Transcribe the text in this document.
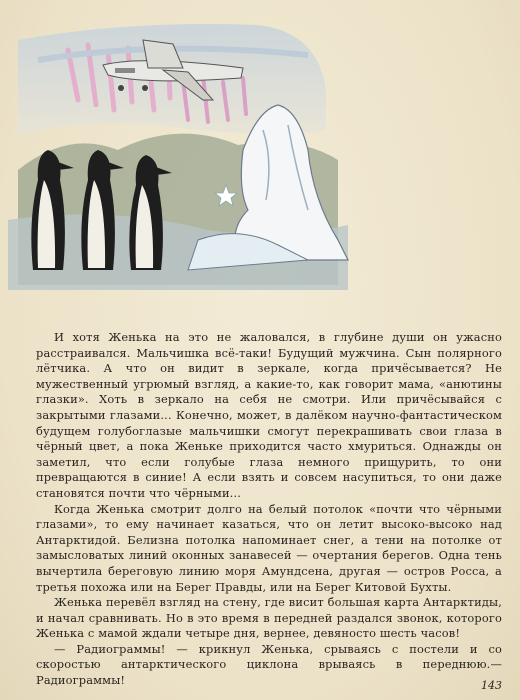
И хотя Женька на это не жаловался, в глубине души он ужасно расстраивался. Мальчишка всё-таки! Будущий мужчина. Сын полярного лётчика. А что он видит в зеркале, когда причёсывается? Не мужественный угрюмый взгляд, а какие-то, как говорит мама, «анютины глазки». Хоть в зеркало на себя не смотри. Или причёсывайся с закрытыми глазами... Конечно, может, в далёком научно-фантастическом будущем голубоглазые мальчишки смогут перекрашивать свои глаза в чёрный цвет, а пока Женьке приходится часто хмуриться. Однажды он заметил, что если голубые глаза немного прищурить, то они превращаются в синие! А если взять и совсем насупиться, то они даже становятся почти что чёрными...

Когда Женька смотрит долго на белый потолок «почти что чёрными глазами», то ему начинает казаться, что он летит высоко-высоко над Антарктидой. Белизна потолка напоминает снег, а тени на потолке от замысловатых линий оконных занавесей — очертания берегов. Одна тень вычертила береговую линию моря Амундсена, другая — остров Росса, а третья похожа или на Берег Правды, или на Берег Китовой Бухты.

Женька перевёл взгляд на стену, где висит большая карта Антарктиды, и начал сравнивать. Но в это время в передней раздался звонок, которого Женька с мамой ждали четыре дня, вернее, девяносто шесть часов!

— Радиограммы! — крикнул Женька, срываясь с постели и со скоростью антарктического циклона врываясь в переднюю.— Радиограммы!	143
